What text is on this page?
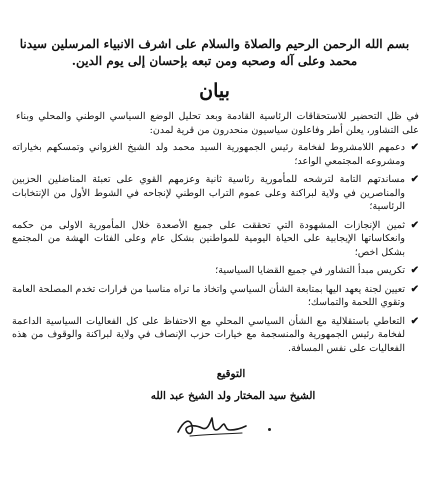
بسم الله الرحمن الرحيم والصلاة والسلام على اشرف الانبياء المرسلين سيدنا محمد وعلى آله وصحبه ومن تبعه بإحسان إلى يوم الدين.
بيان
في ظل التحضير للاستحقاقات الرئاسية القادمة وبعد تحليل الوضع السياسي الوطني والمحلي وبناء على التشاور، يعلن أطر وفاعلون سياسيون منحدرون من قرية لمدن:
✔
دعمهم اللامشروط لفخامة رئيس الجمهورية السيد محمد ولد الشيخ الغزواني وتمسكهم بخياراته ومشروعه المجتمعي الواعد؛
✔
مساندتهم التامة لترشحه للمأمورية رئاسية ثانية وعزمهم القوي على تعبئة المناضلين الحزبين والمناصرين في ولاية لبراكنة وعلى عموم التراب الوطني لإنجاحه في الشوط الأول من الإنتخابات الرئاسية؛
✔
ثمين الإنجازات المشهودة التي تحققت على جميع الأصعدة خلال المأمورية الاولى من حكمه وانعكاساتها الإيجابية على الحياة اليومية للمواطنين بشكل عام وعلى الفئات الهشة من المجتمع بشكل اخص؛
✔
تكريس مبدأ التشاور في جميع القضايا السياسية؛
✔
تعيين لجنة يعهد اليها بمتابعة الشأن السياسي واتخاذ ما تراه مناسبا من قرارات تخدم المصلحة العامة وتقوي اللحمة والتماسك؛
✔
التعاطي باستقلالية مع الشأن السياسي المحلي مع الاحتفاظ على كل الفعاليات السياسية الداعمة لفخامة رئيس الجمهورية والمنسجمة مع خيارات حزب الإنصاف في ولاية لبراكنة والوقوف من هذه الفعاليات على نفس المسافة.
التوقيع
الشيخ سيد المختار ولد الشيخ عبد الله
